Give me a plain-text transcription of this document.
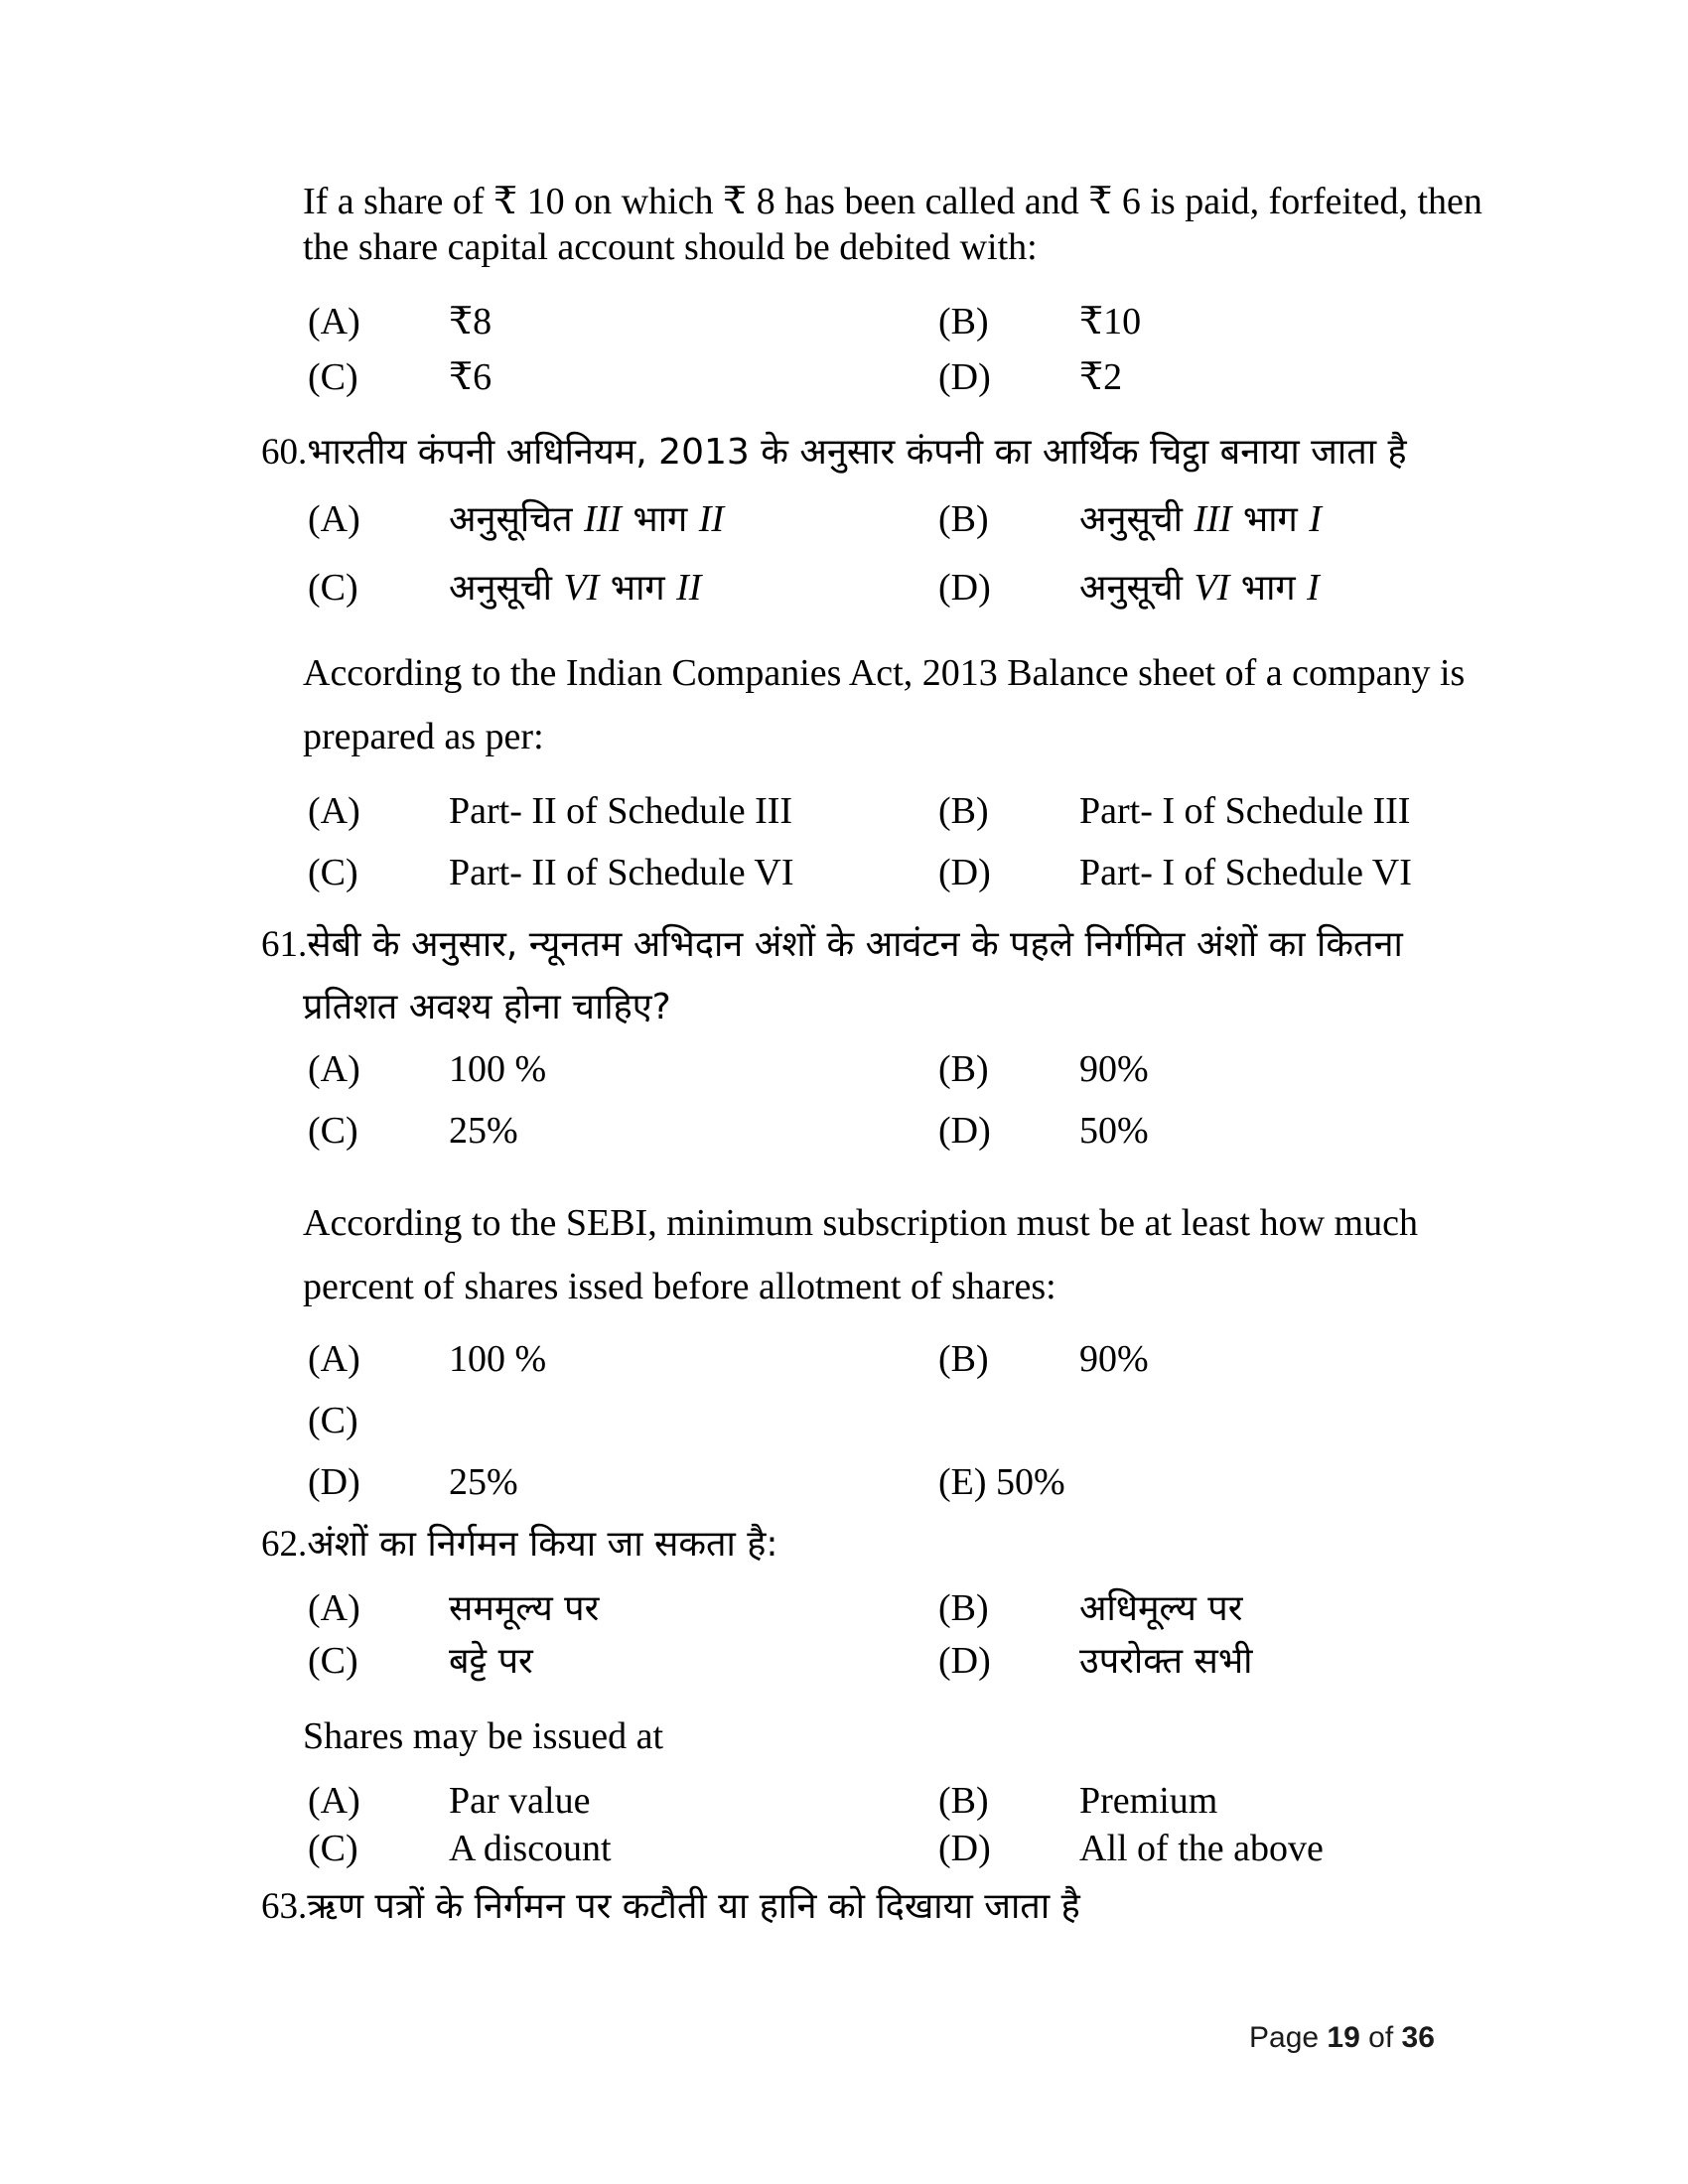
If a share of ₹ 10 on which ₹ 8 has been called and ₹ 6 is paid, forfeited, then

the share capital account should be debited with:

(A)	₹8	(B)	₹10
(C)	₹6	(D)	₹2

60.भारतीय कंपनी अधिनियम, 2013 के अनुसार कंपनी का आर्थिक चिट्ठा बनाया जाता है

(A)	अनुसूचित III भाग II	(B)	अनुसूची III भाग I
(C)	अनुसूची VI भाग II	(D)	अनुसूची VI भाग I

According to the Indian Companies Act, 2013 Balance sheet of a company is

prepared as per:

(A)	Part- II of Schedule III	(B)	Part- I of Schedule III
(C)	Part- II of Schedule VI	(D)	Part- I of Schedule VI

61.सेबी के अनुसार, न्यूनतम अभिदान अंशों के आवंटन के पहले निर्गमित अंशों का कितना

प्रतिशत अवश्य होना चाहिए?

(A)	100 %	(B)	90%
(C)	25%	(D)	50%

According to the SEBI, minimum subscription must be at least how much

percent of shares issed before allotment of shares:

(A)	100 %	(B)	90%
(C)
(D)	25%	(E) 50%

62.अंशों का निर्गमन किया जा सकता है:

(A)	सममूल्य पर	(B)	अधिमूल्य पर
(C)	बट्टे पर	(D)	उपरोक्त सभी

Shares may be issued at

(A)	Par value	(B)	Premium
(C)	A discount	(D)	All of the above

63.ऋण पत्रों के निर्गमन पर कटौती या हानि को दिखाया जाता है

Page 19 of 36
